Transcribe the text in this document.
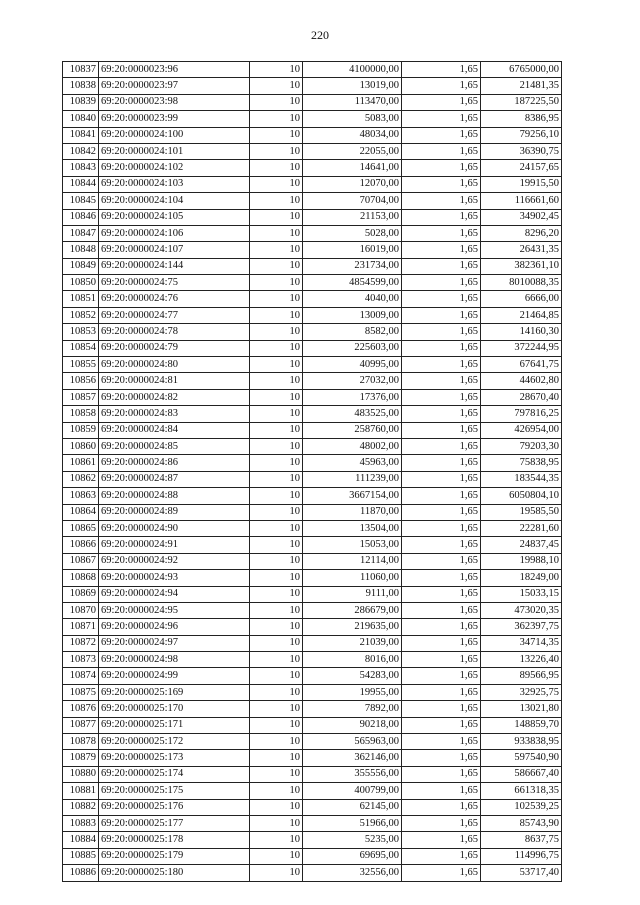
220
10837	69:20:0000023:96	10	4100000,00	1,65	6765000,00
10838	69:20:0000023:97	10	13019,00	1,65	21481,35
10839	69:20:0000023:98	10	113470,00	1,65	187225,50
10840	69:20:0000023:99	10	5083,00	1,65	8386,95
10841	69:20:0000024:100	10	48034,00	1,65	79256,10
10842	69:20:0000024:101	10	22055,00	1,65	36390,75
10843	69:20:0000024:102	10	14641,00	1,65	24157,65
10844	69:20:0000024:103	10	12070,00	1,65	19915,50
10845	69:20:0000024:104	10	70704,00	1,65	116661,60
10846	69:20:0000024:105	10	21153,00	1,65	34902,45
10847	69:20:0000024:106	10	5028,00	1,65	8296,20
10848	69:20:0000024:107	10	16019,00	1,65	26431,35
10849	69:20:0000024:144	10	231734,00	1,65	382361,10
10850	69:20:0000024:75	10	4854599,00	1,65	8010088,35
10851	69:20:0000024:76	10	4040,00	1,65	6666,00
10852	69:20:0000024:77	10	13009,00	1,65	21464,85
10853	69:20:0000024:78	10	8582,00	1,65	14160,30
10854	69:20:0000024:79	10	225603,00	1,65	372244,95
10855	69:20:0000024:80	10	40995,00	1,65	67641,75
10856	69:20:0000024:81	10	27032,00	1,65	44602,80
10857	69:20:0000024:82	10	17376,00	1,65	28670,40
10858	69:20:0000024:83	10	483525,00	1,65	797816,25
10859	69:20:0000024:84	10	258760,00	1,65	426954,00
10860	69:20:0000024:85	10	48002,00	1,65	79203,30
10861	69:20:0000024:86	10	45963,00	1,65	75838,95
10862	69:20:0000024:87	10	111239,00	1,65	183544,35
10863	69:20:0000024:88	10	3667154,00	1,65	6050804,10
10864	69:20:0000024:89	10	11870,00	1,65	19585,50
10865	69:20:0000024:90	10	13504,00	1,65	22281,60
10866	69:20:0000024:91	10	15053,00	1,65	24837,45
10867	69:20:0000024:92	10	12114,00	1,65	19988,10
10868	69:20:0000024:93	10	11060,00	1,65	18249,00
10869	69:20:0000024:94	10	9111,00	1,65	15033,15
10870	69:20:0000024:95	10	286679,00	1,65	473020,35
10871	69:20:0000024:96	10	219635,00	1,65	362397,75
10872	69:20:0000024:97	10	21039,00	1,65	34714,35
10873	69:20:0000024:98	10	8016,00	1,65	13226,40
10874	69:20:0000024:99	10	54283,00	1,65	89566,95
10875	69:20:0000025:169	10	19955,00	1,65	32925,75
10876	69:20:0000025:170	10	7892,00	1,65	13021,80
10877	69:20:0000025:171	10	90218,00	1,65	148859,70
10878	69:20:0000025:172	10	565963,00	1,65	933838,95
10879	69:20:0000025:173	10	362146,00	1,65	597540,90
10880	69:20:0000025:174	10	355556,00	1,65	586667,40
10881	69:20:0000025:175	10	400799,00	1,65	661318,35
10882	69:20:0000025:176	10	62145,00	1,65	102539,25
10883	69:20:0000025:177	10	51966,00	1,65	85743,90
10884	69:20:0000025:178	10	5235,00	1,65	8637,75
10885	69:20:0000025:179	10	69695,00	1,65	114996,75
10886	69:20:0000025:180	10	32556,00	1,65	53717,40
